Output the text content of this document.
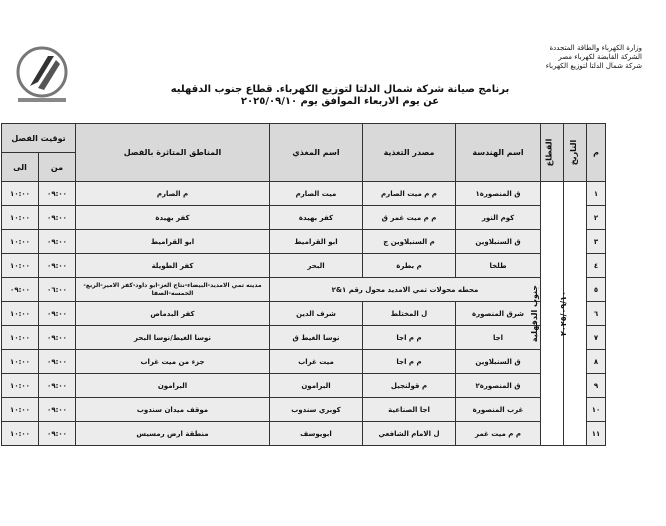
وزارة الكهرباء والطاقة المتجددة
الشركة القابضة لكهرباء مصر
شركة شمال الدلتا لتوزيع الكهرباء
برنامج صيانة شركة شمال الدلتا لتوزيع الكهرباء. قطاع جنوب الدقهليه
عن يوم الاربعاء الموافق يوم ٢٠٢٥/٠٩/١٠
م	التاريخ	القطاع	اسم الهندسة	مصدر التغذية	اسم المغذي	المناطق المتاثرة بالفصل	توقيت الفصل	
							من	الى
١	٢٠٢٥/٠٩/١٠	جنوب الدقهلية	ق المنصورة١	م م ميت الصارم	ميت الصارم	م الصارم	٠٩:٠٠	١٠:٠٠
٢			كوم النور	م م ميت غمر ق	كفر بهيدة	كفر بهيدة	٠٩:٠٠	١٠:٠٠
٣			ق السنبلاوين	م السنبلاوين ج	ابو القراميط	ابو القراميط	٠٩:٠٠	١٠:٠٠
٤			طلخا	م بطرة	البحر	كفر الطويلة	٠٩:٠٠	١٠:٠٠
٥			محطه محولات تمي الامديد محول رقم ١&٢			مدينه تمي الامديد-البيضاء-نتاج الغز-ابو داود-كفر الامير-الربع-الخمسه-الصفا	٠٦:٠٠	٠٩:٠٠
٦			شرق المنصورة	ل المختلط	شرف الدين	كفر البدماص	٠٩:٠٠	١٠:٠٠
٧			اجا	م م اجا	نوسا الغيط ق	نوسا الغيط/نوسا البحر	٠٩:٠٠	١٠:٠٠
٨			ق السنبلاوين	م م اجا	ميت غراب	جزء من ميت غراب	٠٩:٠٠	١٠:٠٠
٩			ق المنصورة٢	م قولنجيل	البرامون	البرامون	٠٩:٠٠	١٠:٠٠
١٠			غرب المنصورة	اجا الصناعية	كوبري سندوب	موقف ميدان سندوب	٠٩:٠٠	١٠:٠٠
١١			م م ميت غمر	ل الامام الشافعي	ابويوسف	منطقة ارض رمسيس	٠٩:٠٠	١٠:٠٠
